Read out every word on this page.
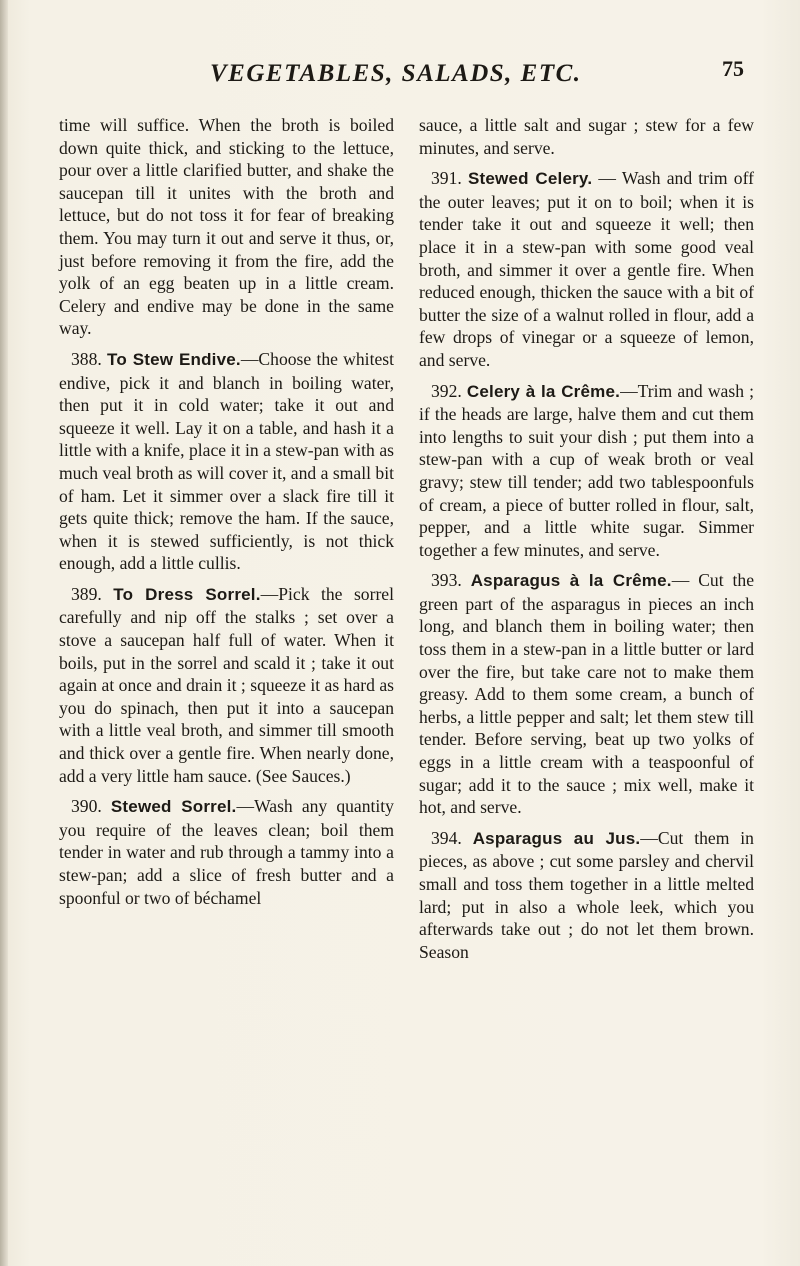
VEGETABLES, SALADS, ETC.	75

time will suffice. When the broth is boiled down quite thick, and sticking to the lettuce, pour over a little clarified butter, and shake the saucepan till it unites with the broth and lettuce, but do not toss it for fear of breaking them. You may turn it out and serve it thus, or, just before removing it from the fire, add the yolk of an egg beaten up in a little cream. Celery and endive may be done in the same way.

388. To Stew Endive.—Choose the whitest endive, pick it and blanch in boiling water, then put it in cold water; take it out and squeeze it well. Lay it on a table, and hash it a little with a knife, place it in a stew-pan with as much veal broth as will cover it, and a small bit of ham. Let it simmer over a slack fire till it gets quite thick; remove the ham. If the sauce, when it is stewed sufficiently, is not thick enough, add a little cullis.

389. To Dress Sorrel.—Pick the sorrel carefully and nip off the stalks ; set over a stove a saucepan half full of water. When it boils, put in the sorrel and scald it ; take it out again at once and drain it ; squeeze it as hard as you do spinach, then put it into a saucepan with a little veal broth, and simmer till smooth and thick over a gentle fire. When nearly done, add a very little ham sauce. (See Sauces.)

390. Stewed Sorrel.—Wash any quantity you require of the leaves clean; boil them tender in water and rub through a tammy into a stew-pan; add a slice of fresh butter and a spoonful or two of béchamel

sauce, a little salt and sugar ; stew for a few minutes, and serve.

391. Stewed Celery. — Wash and trim off the outer leaves; put it on to boil; when it is tender take it out and squeeze it well; then place it in a stew-pan with some good veal broth, and simmer it over a gentle fire. When reduced enough, thicken the sauce with a bit of butter the size of a walnut rolled in flour, add a few drops of vinegar or a squeeze of lemon, and serve.

392. Celery à la Crême.—Trim and wash ; if the heads are large, halve them and cut them into lengths to suit your dish ; put them into a stew-pan with a cup of weak broth or veal gravy; stew till tender; add two tablespoonfuls of cream, a piece of butter rolled in flour, salt, pepper, and a little white sugar. Simmer together a few minutes, and serve.

393. Asparagus à la Crême.— Cut the green part of the asparagus in pieces an inch long, and blanch them in boiling water; then toss them in a stew-pan in a little butter or lard over the fire, but take care not to make them greasy. Add to them some cream, a bunch of herbs, a little pepper and salt; let them stew till tender. Before serving, beat up two yolks of eggs in a little cream with a teaspoonful of sugar; add it to the sauce ; mix well, make it hot, and serve.

394. Asparagus au Jus.—Cut them in pieces, as above ; cut some parsley and chervil small and toss them together in a little melted lard; put in also a whole leek, which you afterwards take out ; do not let them brown. Season
